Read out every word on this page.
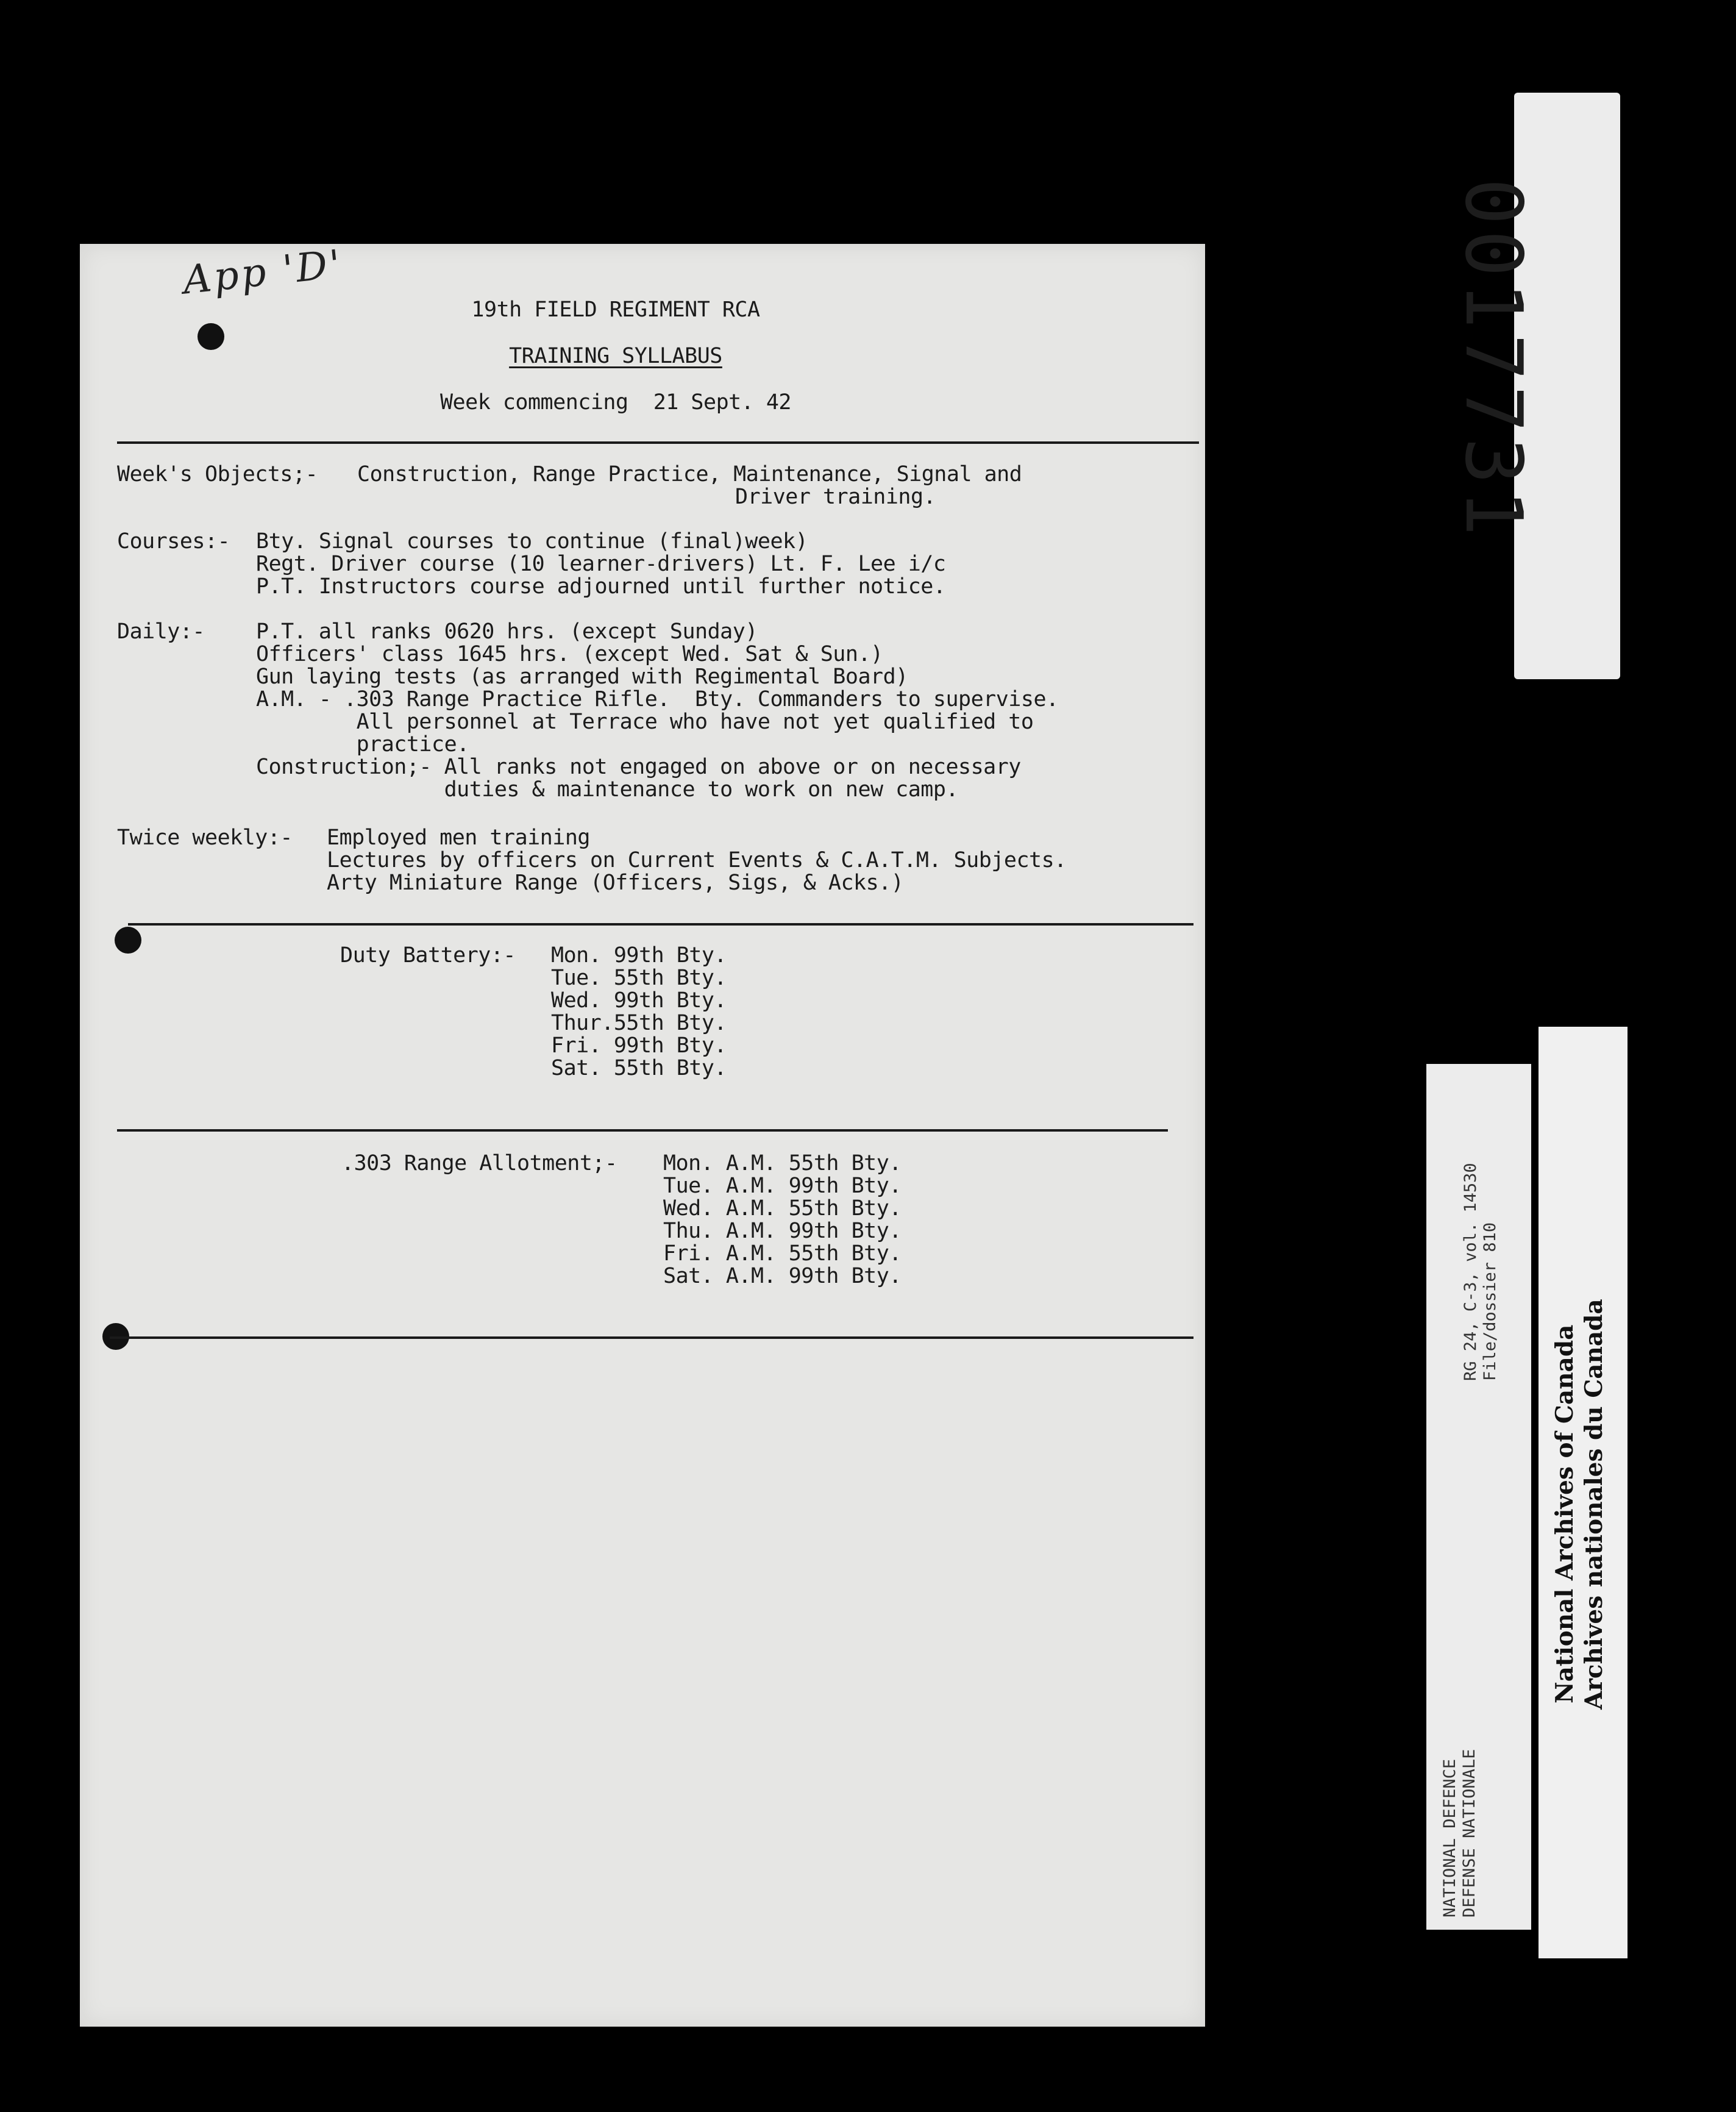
App 'D'
19th FIELD REGIMENT RCA
TRAINING SYLLABUS
Week commencing  21 Sept. 42
Week's Objects;- Construction, Range Practice, Maintenance, Signal and
Driver training.
Courses:- Bty. Signal courses to continue (final)week)
Regt. Driver course (10 learner-drivers) Lt. F. Lee i/c
P.T. Instructors course adjourned until further notice.
Daily:- P.T. all ranks 0620 hrs. (except Sunday)
Officers' class 1645 hrs. (except Wed. Sat & Sun.)
Gun laying tests (as arranged with Regimental Board)
A.M. - .303 Range Practice Rifle.  Bty. Commanders to supervise.
All personnel at Terrace who have not yet qualified to
practice.
Construction;- All ranks not engaged on above or on necessary
duties & maintenance to work on new camp.
Twice weekly:- Employed men training
Lectures by officers on Current Events & C.A.T.M. Subjects.
Arty Miniature Range (Officers, Sigs, & Acks.)
Duty Battery:- Mon. 99th Bty.
Tue. 55th Bty.
Wed. 99th Bty.
Thur.55th Bty.
Fri. 99th Bty.
Sat. 55th Bty.
.303 Range Allotment;- Mon. A.M. 55th Bty.
Tue. A.M. 99th Bty.
Wed. A.M. 55th Bty.
Thu. A.M. 99th Bty.
Fri. A.M. 55th Bty.
Sat. A.M. 99th Bty.
0017731
RG 24, C-3, vol. 14530 File/dossier 810
NATIONAL DEFENCE DEFENSE NATIONALE
National Archives of Canada Archives nationales du Canada
